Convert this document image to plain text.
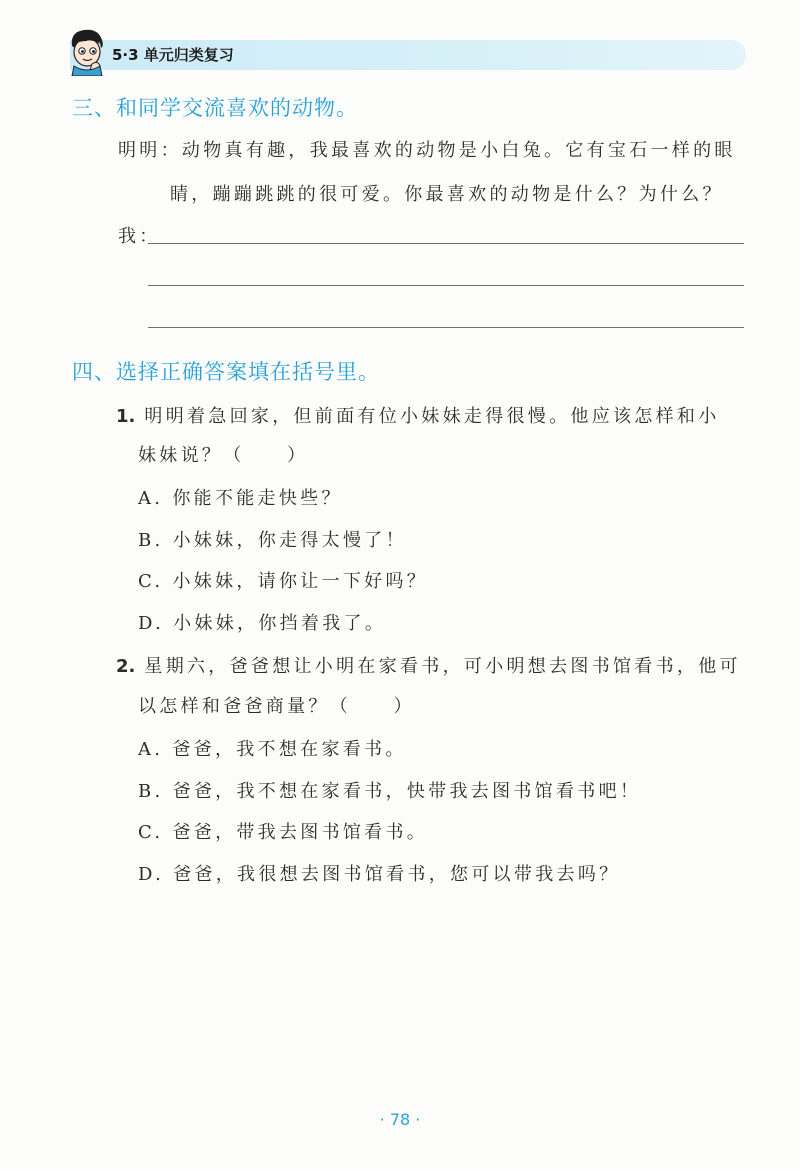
5·3 单元归类复习
三、和同学交流喜欢的动物。
明明：动物真有趣，我最喜欢的动物是小白兔。它有宝石一样的眼
睛，蹦蹦跳跳的很可爱。你最喜欢的动物是什么？为什么？
我：
四、选择正确答案填在括号里。
1. 明明着急回家，但前面有位小妹妹走得很慢。他应该怎样和小
妹妹说？（　　）
A. 你能不能走快些？
B. 小妹妹，你走得太慢了！
C. 小妹妹，请你让一下好吗？
D. 小妹妹，你挡着我了。
2. 星期六，爸爸想让小明在家看书，可小明想去图书馆看书，他可
以怎样和爸爸商量？（　　）
A. 爸爸，我不想在家看书。
B. 爸爸，我不想在家看书，快带我去图书馆看书吧！
C. 爸爸，带我去图书馆看书。
D. 爸爸，我很想去图书馆看书，您可以带我去吗？
· 78 ·
